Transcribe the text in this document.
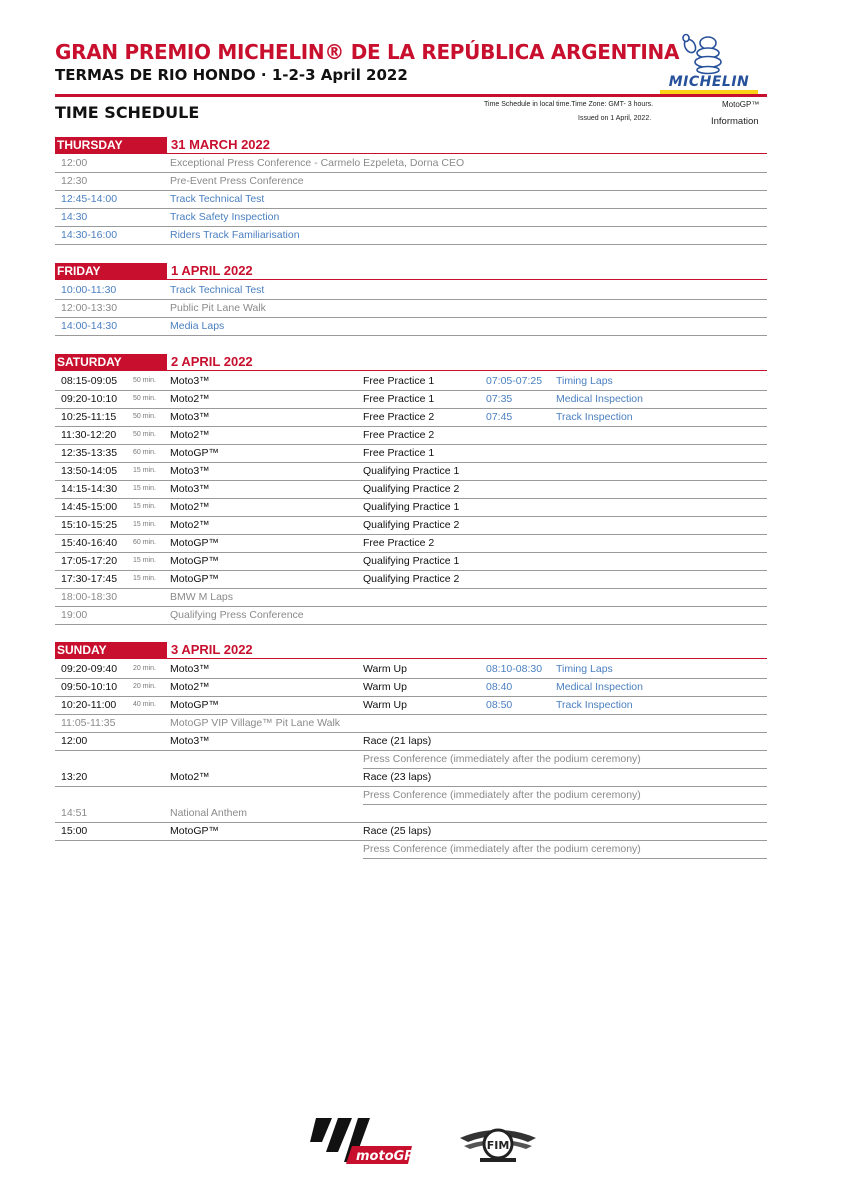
GRAN PREMIO MICHELIN® DE LA REPÚBLICA ARGENTINA
TERMAS DE RIO HONDO · 1-2-3 April 2022	MICHELIN
TIME SCHEDULE	Time Schedule in local time.Time Zone: GMT- 3 hours.
Issued on 1 April, 2022.
MotoGP™
Information
THURSDAY	31 MARCH 2022
12:00	Exceptional Press Conference - Carmelo Ezpeleta, Dorna CEO
12:30	Pre-Event Press Conference
12:45-14:00	Track Technical Test
14:30	Track Safety Inspection
14:30-16:00	Riders Track Familiarisation
FRIDAY	1 APRIL 2022
10:00-11:30	Track Technical Test
12:00-13:30	Public Pit Lane Walk
14:00-14:30	Media Laps
SATURDAY	2 APRIL 2022
08:15-09:05 50 min. Moto3™	Free Practice 1	07:05-07:25 Timing Laps
09:20-10:10 50 min. Moto2™	Free Practice 1	07:35	Medical Inspection
10:25-11:15 50 min. Moto3™	Free Practice 2	07:45	Track Inspection
11:30-12:20 50 min. Moto2™	Free Practice 2
12:35-13:35 60 min. MotoGP™	Free Practice 1
13:50-14:05 15 min. Moto3™	Qualifying Practice 1
14:15-14:30 15 min. Moto3™	Qualifying Practice 2
14:45-15:00 15 min. Moto2™	Qualifying Practice 1
15:10-15:25 15 min. Moto2™	Qualifying Practice 2
15:40-16:40 60 min. MotoGP™	Free Practice 2
17:05-17:20 15 min. MotoGP™	Qualifying Practice 1
17:30-17:45 15 min. MotoGP™	Qualifying Practice 2
18:00-18:30	BMW M Laps
19:00	Qualifying Press Conference
SUNDAY	3 APRIL 2022
09:20-09:40 20 min. Moto3™	Warm Up	08:10-08:30 Timing Laps
09:50-10:10 20 min. Moto2™	Warm Up	08:40	Medical Inspection
10:20-11:00 40 min. MotoGP™	Warm Up	08:50	Track Inspection
11:05-11:35	MotoGP VIP Village™ Pit Lane Walk
12:00	Moto3™	Race (21 laps)
Press Conference (immediately after the podium ceremony)
13:20	Moto2™	Race (23 laps)
Press Conference (immediately after the podium ceremony)
14:51	National Anthem
15:00	MotoGP™	Race (25 laps)
Press Conference (immediately after the podium ceremony)
motoGP™
FIM
